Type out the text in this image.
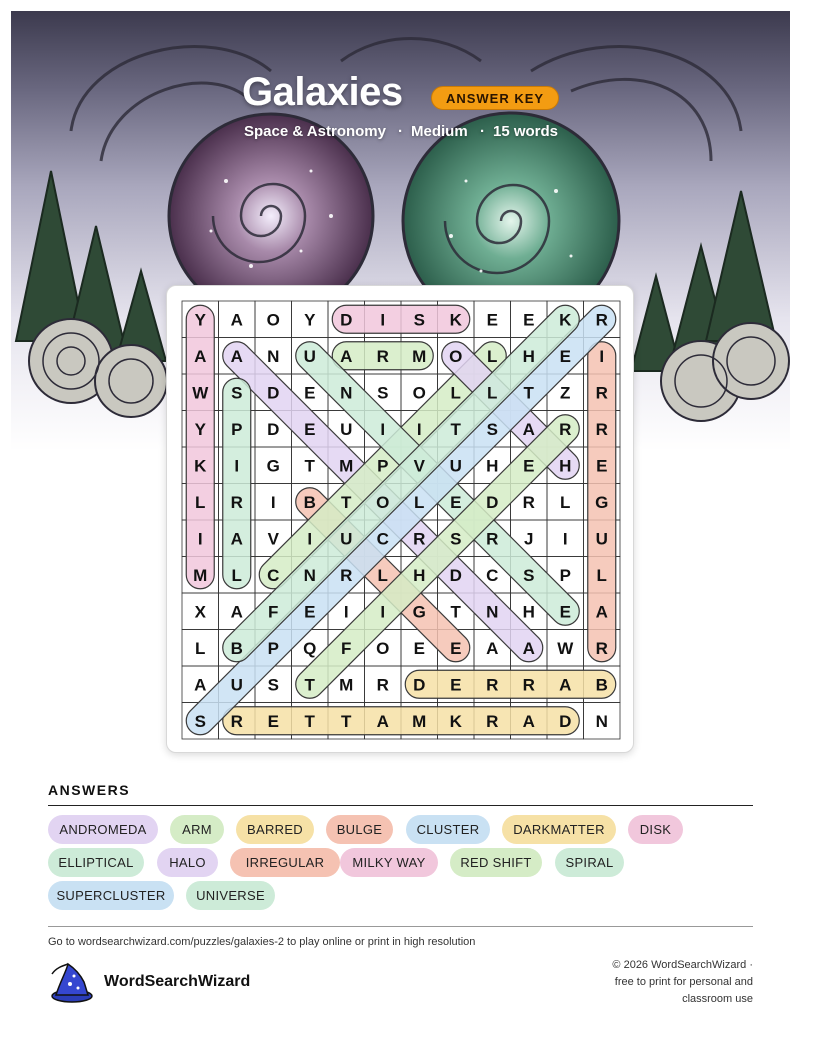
Galaxies	ANSWER KEY
Space & Astronomy · Medium · 15 words
Y A O Y D I S K E E K R
A A N U A R M O L H E I
W S D E N S O L L T Z R
Y P D E U I I T S A R R
K I G T M P V U H E H E
L R I B T O L E D R L G
I A V I U C R S R J I U
M L C N R L H D C S P L
X A F E I I G T N H E A
L B P Q F O E E A A W R
A U S T M R D E R R A B
S R E T T A M K R A D N
ANSWERS
ANDROMEDA	ARM	BARRED	BULGE	CLUSTER	DARKMATTER	DISK
ELLIPTICAL	HALO	IRREGULAR	MILKY WAY	RED SHIFT	SPIRAL
SUPERCLUSTER	UNIVERSE
Go to wordsearchwizard.com/puzzles/galaxies-2 to play online or print in high resolution
WordSearchWizard
© 2026 WordSearchWizard ·
free to print for personal and
classroom use
